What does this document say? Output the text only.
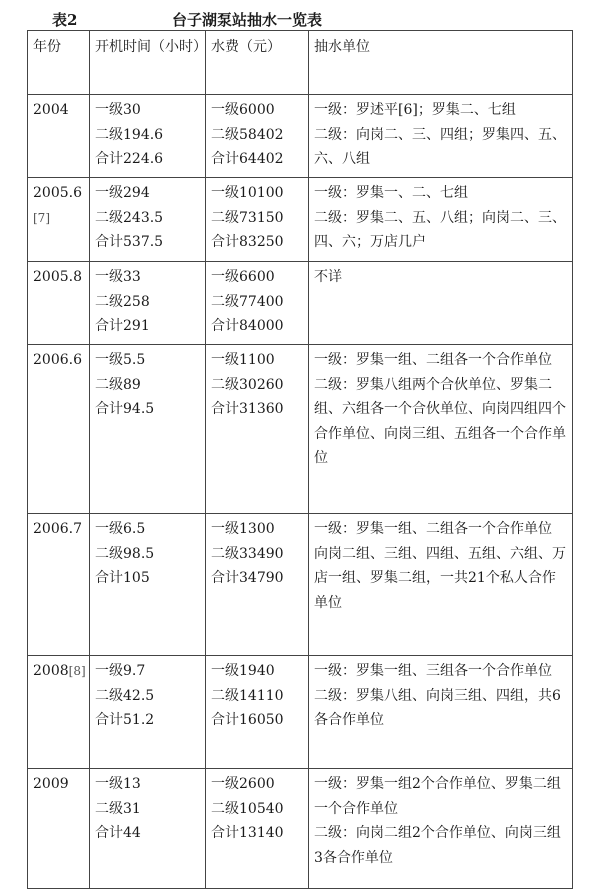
表2	台子湖泵站抽水一览表
年份	开机时间（小时）	水费（元）	抽水单位
2004	一级30
二级194.6
合计224.6	一级6000
二级58402
合计64402	一级：罗述平[6]；罗集二、七组
二级：向岗二、三、四组；罗集四、五、六、八组

2005.6
[7]	一级294
二级243.5
合计537.5	一级10100
二级73150
合计83250	一级：罗集一、二、七组
二级：罗集二、五、八组；向岗二、三、四、六；万店几户

2005.8	一级33
二级258
合计291	一级6600
二级77400
合计84000	不详

2006.6	一级5.5
二级89
合计94.5	一级1100
二级30260
合计31360	一级：罗集一组、二组各一个合作单位
二级：罗集八组两个合伙单位、罗集二组、六组各一个合伙单位、向岗四组四个合作单位、向岗三组、五组各一个合作单位

2006.7	一级6.5
二级98.5
合计105	一级1300
二级33490
合计34790	一级：罗集一组、二组各一个合作单位
向岗二组、三组、四组、五组、六组、万店一组、罗集二组，一共21个私人合作单位

2008[8]	一级9.7
二级42.5
合计51.2	一级1940
二级14110
合计16050	一级：罗集一组、三组各一个合作单位
二级：罗集八组、向岗三组、四组，共6各合作单位

2009	一级13
二级31
合计44	一级2600
二级10540
合计13140	一级：罗集一组2个合作单位、罗集二组一个合作单位
二级：向岗二组2个合作单位、向岗三组3各合作单位
